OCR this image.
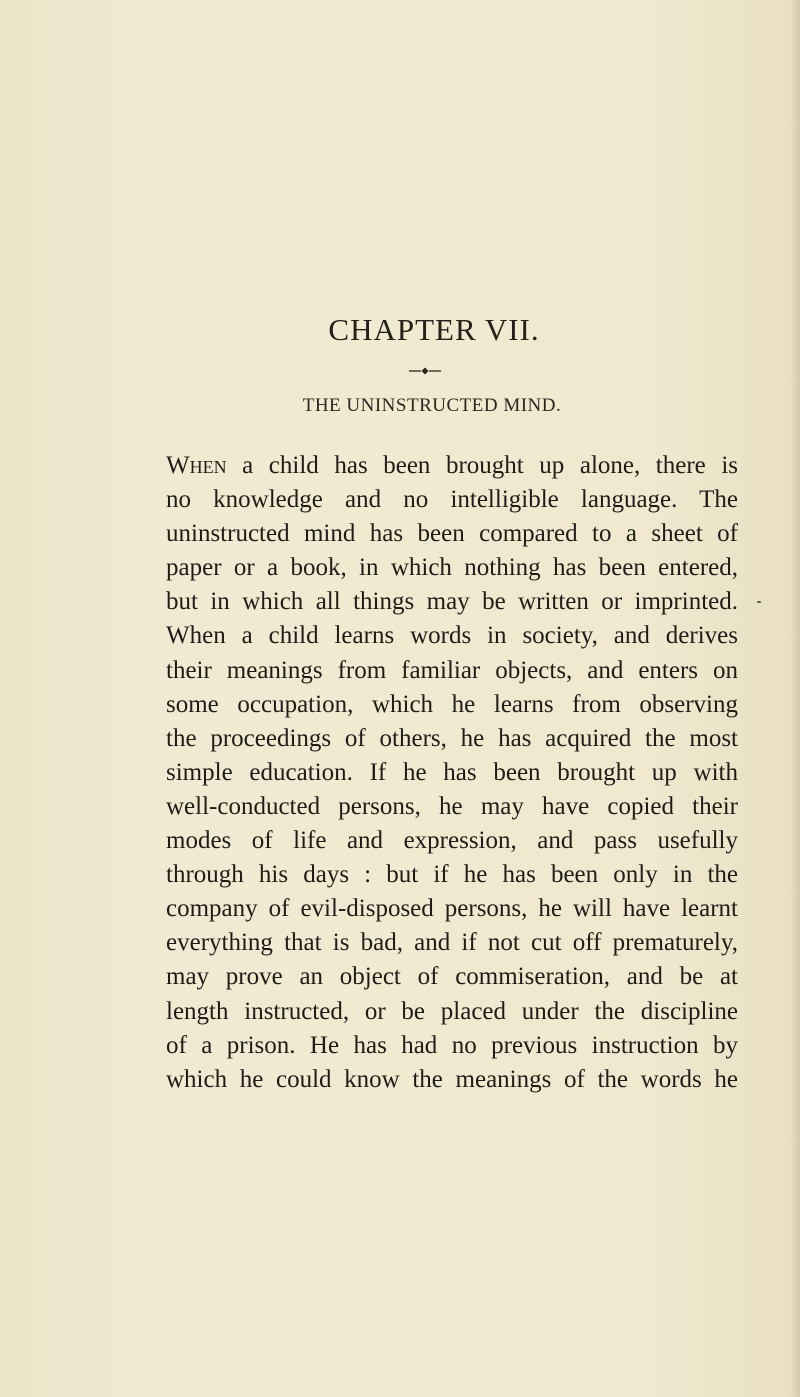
CHAPTER VII.
THE UNINSTRUCTED MIND.
When a child has been brought up alone, there is
no knowledge and no intelligible language. The
uninstructed mind has been compared to a sheet of
paper or a book, in which nothing has been entered,
but in which all things may be written or imprinted.
When a child learns words in society, and derives
their meanings from familiar objects, and enters on
some occupation, which he learns from observing
the proceedings of others, he has acquired the most
simple education. If he has been brought up with
well-conducted persons, he may have copied their
modes of life and expression, and pass usefully
through his days : but if he has been only in the
company of evil-disposed persons, he will have learnt
everything that is bad, and if not cut off prematurely,
may prove an object of commiseration, and be at
length instructed, or be placed under the discipline
of a prison. He has had no previous instruction by
which he could know the meanings of the words he
